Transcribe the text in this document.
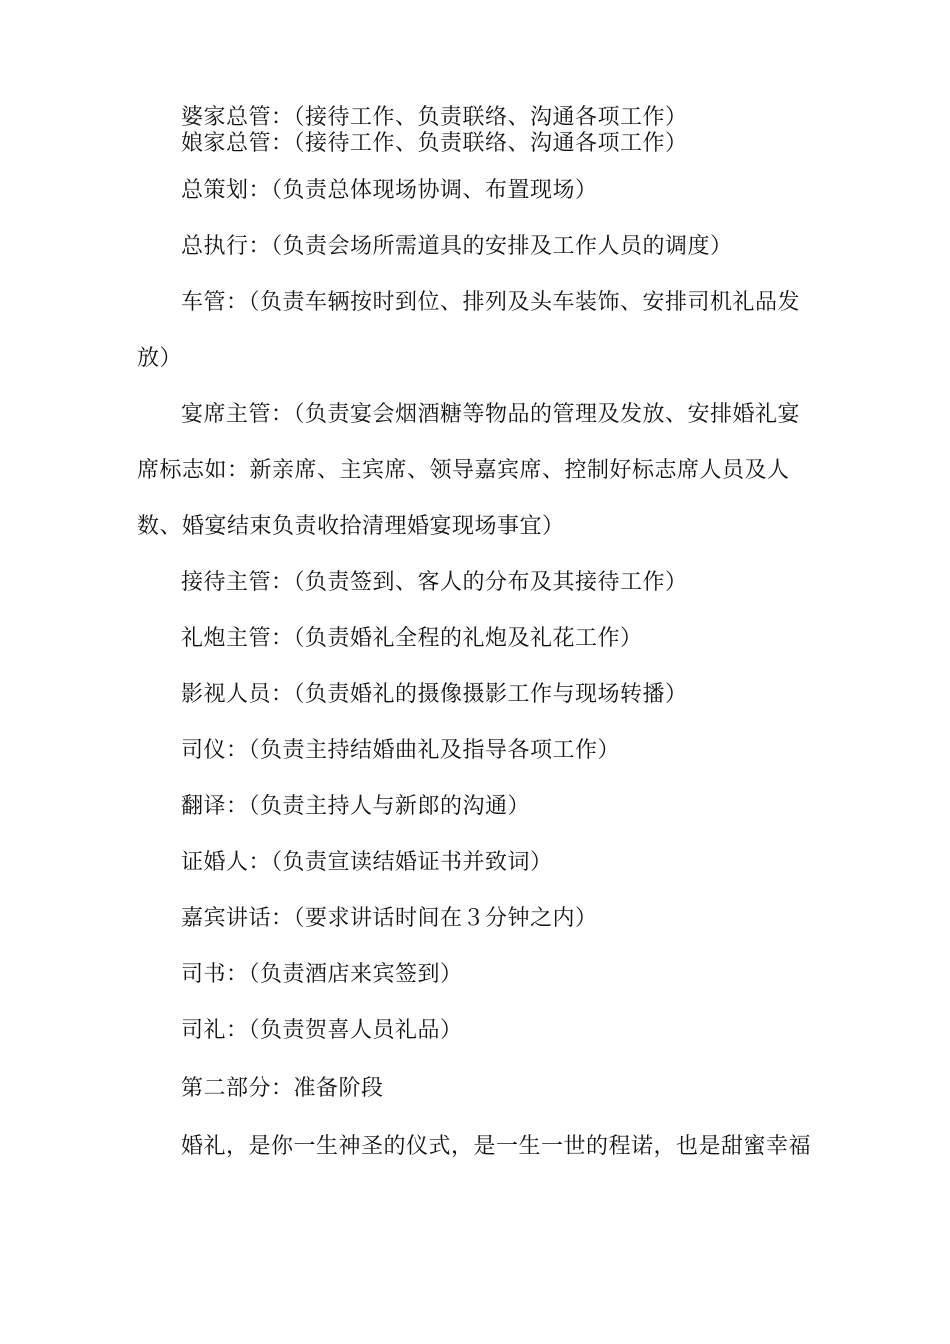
婆家总管：（接待工作、负责联络、沟通各项工作）
娘家总管：（接待工作、负责联络、沟通各项工作）
总策划：（负责总体现场协调、布置现场）
总执行：（负责会场所需道具的安排及工作人员的调度）
车管：（负责车辆按时到位、排列及头车装饰、安排司机礼品发
放）
宴席主管：（负责宴会烟酒糖等物品的管理及发放、安排婚礼宴
席标志如：新亲席、主宾席、领导嘉宾席、控制好标志席人员及人
数、婚宴结束负责收拾清理婚宴现场事宜）
接待主管：（负责签到、客人的分布及其接待工作）
礼炮主管：（负责婚礼全程的礼炮及礼花工作）
影视人员：（负责婚礼的摄像摄影工作与现场转播）
司仪：（负责主持结婚曲礼及指导各项工作）
翻译：（负责主持人与新郎的沟通）
证婚人：（负责宣读结婚证书并致词）
嘉宾讲话：（要求讲话时间在３分钟之内）
司书：（负责酒店来宾签到）
司礼：（负责贺喜人员礼品）
第二部分：准备阶段
婚礼，是你一生神圣的仪式，是一生一世的程诺，也是甜蜜幸福
